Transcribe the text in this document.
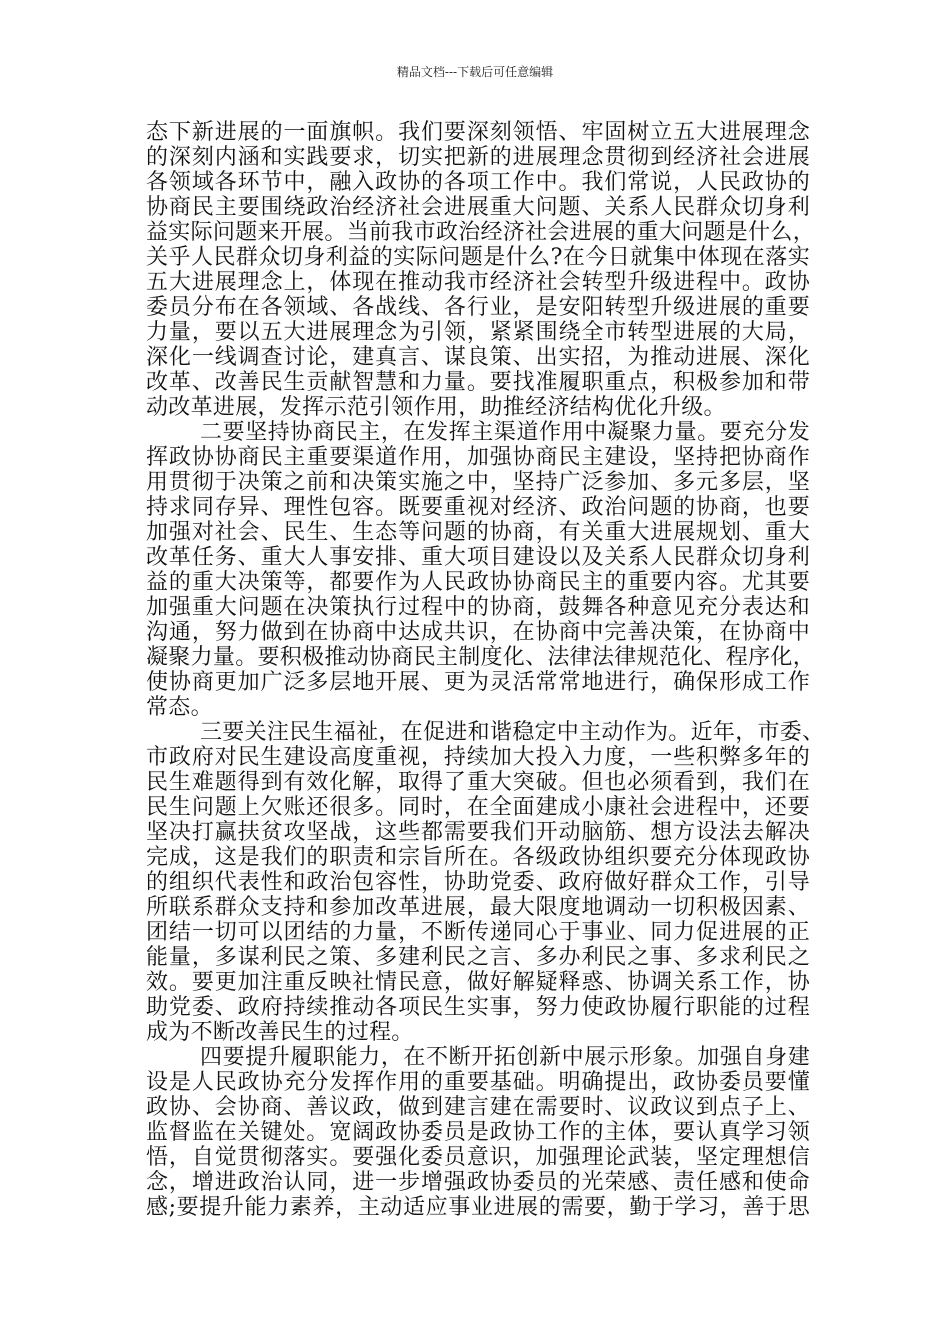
精品文档---下载后可任意编辑
态下新进展的一面旗帜。我们要深刻领悟、牢固树立五大进展理念
的深刻内涵和实践要求，切实把新的进展理念贯彻到经济社会进展
各领域各环节中，融入政协的各项工作中。我们常说，人民政协的
协商民主要围绕政治经济社会进展重大问题、关系人民群众切身利
益实际问题来开展。当前我市政治经济社会进展的重大问题是什么，
关乎人民群众切身利益的实际问题是什么?在今日就集中体现在落实
五大进展理念上，体现在推动我市经济社会转型升级进程中。政协
委员分布在各领域、各战线、各行业，是安阳转型升级进展的重要
力量，要以五大进展理念为引领，紧紧围绕全市转型进展的大局，
深化一线调查讨论，建真言、谋良策、出实招，为推动进展、深化
改革、改善民生贡献智慧和力量。要找准履职重点，积极参加和带
动改革进展，发挥示范引领作用，助推经济结构优化升级。
二要坚持协商民主，在发挥主渠道作用中凝聚力量。要充分发
挥政协协商民主重要渠道作用，加强协商民主建设，坚持把协商作
用贯彻于决策之前和决策实施之中，坚持广泛参加、多元多层，坚
持求同存异、理性包容。既要重视对经济、政治问题的协商，也要
加强对社会、民生、生态等问题的协商，有关重大进展规划、重大
改革任务、重大人事安排、重大项目建设以及关系人民群众切身利
益的重大决策等，都要作为人民政协协商民主的重要内容。尤其要
加强重大问题在决策执行过程中的协商，鼓舞各种意见充分表达和
沟通，努力做到在协商中达成共识，在协商中完善决策，在协商中
凝聚力量。要积极推动协商民主制度化、法律法律规范化、程序化，
使协商更加广泛多层地开展、更为灵活常常地进行，确保形成工作
常态。
三要关注民生福祉，在促进和谐稳定中主动作为。近年，市委、
市政府对民生建设高度重视，持续加大投入力度，一些积弊多年的
民生难题得到有效化解，取得了重大突破。但也必须看到，我们在
民生问题上欠账还很多。同时，在全面建成小康社会进程中，还要
坚决打赢扶贫攻坚战，这些都需要我们开动脑筋、想方设法去解决
完成，这是我们的职责和宗旨所在。各级政协组织要充分体现政协
的组织代表性和政治包容性，协助党委、政府做好群众工作，引导
所联系群众支持和参加改革进展，最大限度地调动一切积极因素、
团结一切可以团结的力量，不断传递同心于事业、同力促进展的正
能量，多谋利民之策、多建利民之言、多办利民之事、多求利民之
效。要更加注重反映社情民意，做好解疑释惑、协调关系工作，协
助党委、政府持续推动各项民生实事，努力使政协履行职能的过程
成为不断改善民生的过程。
四要提升履职能力，在不断开拓创新中展示形象。加强自身建
设是人民政协充分发挥作用的重要基础。明确提出，政协委员要懂
政协、会协商、善议政，做到建言建在需要时、议政议到点子上、
监督监在关键处。宽阔政协委员是政协工作的主体，要认真学习领
悟，自觉贯彻落实。要强化委员意识，加强理论武装，坚定理想信
念，增进政治认同，进一步增强政协委员的光荣感、责任感和使命
感;要提升能力素养，主动适应事业进展的需要，勤于学习，善于思
